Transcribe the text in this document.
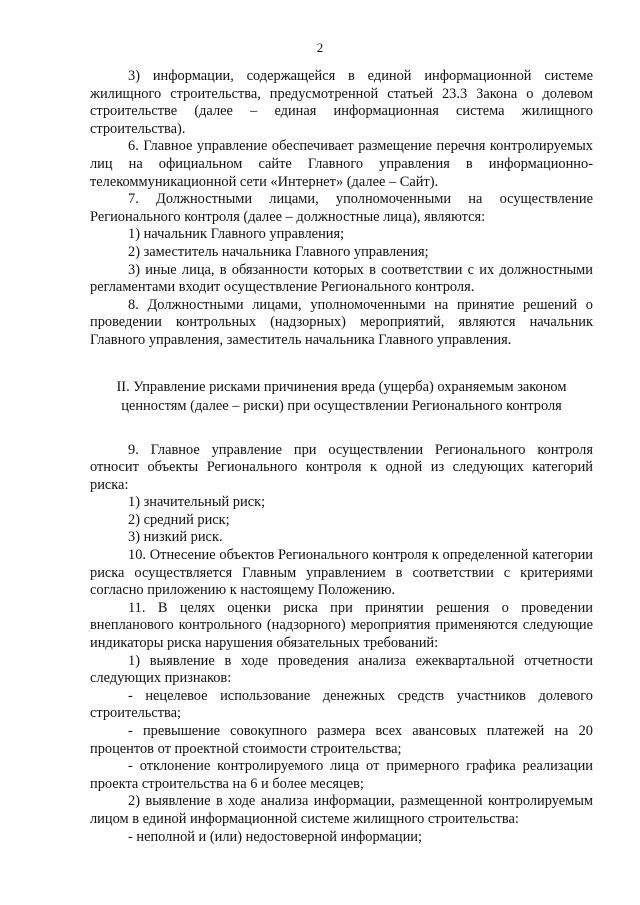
2

3) информации, содержащейся в единой информационной системе жилищного строительства, предусмотренной статьей 23.3 Закона о долевом строительстве (далее – единая информационная система жилищного строительства).

6. Главное управление обеспечивает размещение перечня контролируемых лиц на официальном сайте Главного управления в информационно-телекоммуникационной сети «Интернет» (далее – Сайт).

7. Должностными лицами, уполномоченными на осуществление Регионального контроля (далее – должностные лица), являются:

1) начальник Главного управления;

2) заместитель начальника Главного управления;

3) иные лица, в обязанности которых в соответствии с их должностными регламентами входит осуществление Регионального контроля.

8. Должностными лицами, уполномоченными на принятие решений о проведении контрольных (надзорных) мероприятий, являются начальник Главного управления, заместитель начальника Главного управления.

II. Управление рисками причинения вреда (ущерба) охраняемым законом
ценностям (далее – риски) при осуществлении Регионального контроля

9. Главное управление при осуществлении Регионального контроля относит объекты Регионального контроля к одной из следующих категорий риска:

1) значительный риск;

2) средний риск;

3) низкий риск.

10. Отнесение объектов Регионального контроля к определенной категории риска осуществляется Главным управлением в соответствии с критериями согласно приложению к настоящему Положению.

11. В целях оценки риска при принятии решения о проведении внепланового контрольного (надзорного) мероприятия применяются следующие индикаторы риска нарушения обязательных требований:

1) выявление в ходе проведения анализа ежеквартальной отчетности следующих признаков:

- нецелевое использование денежных средств участников долевого строительства;

- превышение совокупного размера всех авансовых платежей на 20 процентов от проектной стоимости строительства;

- отклонение контролируемого лица от примерного графика реализации проекта строительства на 6 и более месяцев;

2) выявление в ходе анализа информации, размещенной контролируемым лицом в единой информационной системе жилищного строительства:

- неполной и (или) недостоверной информации;
